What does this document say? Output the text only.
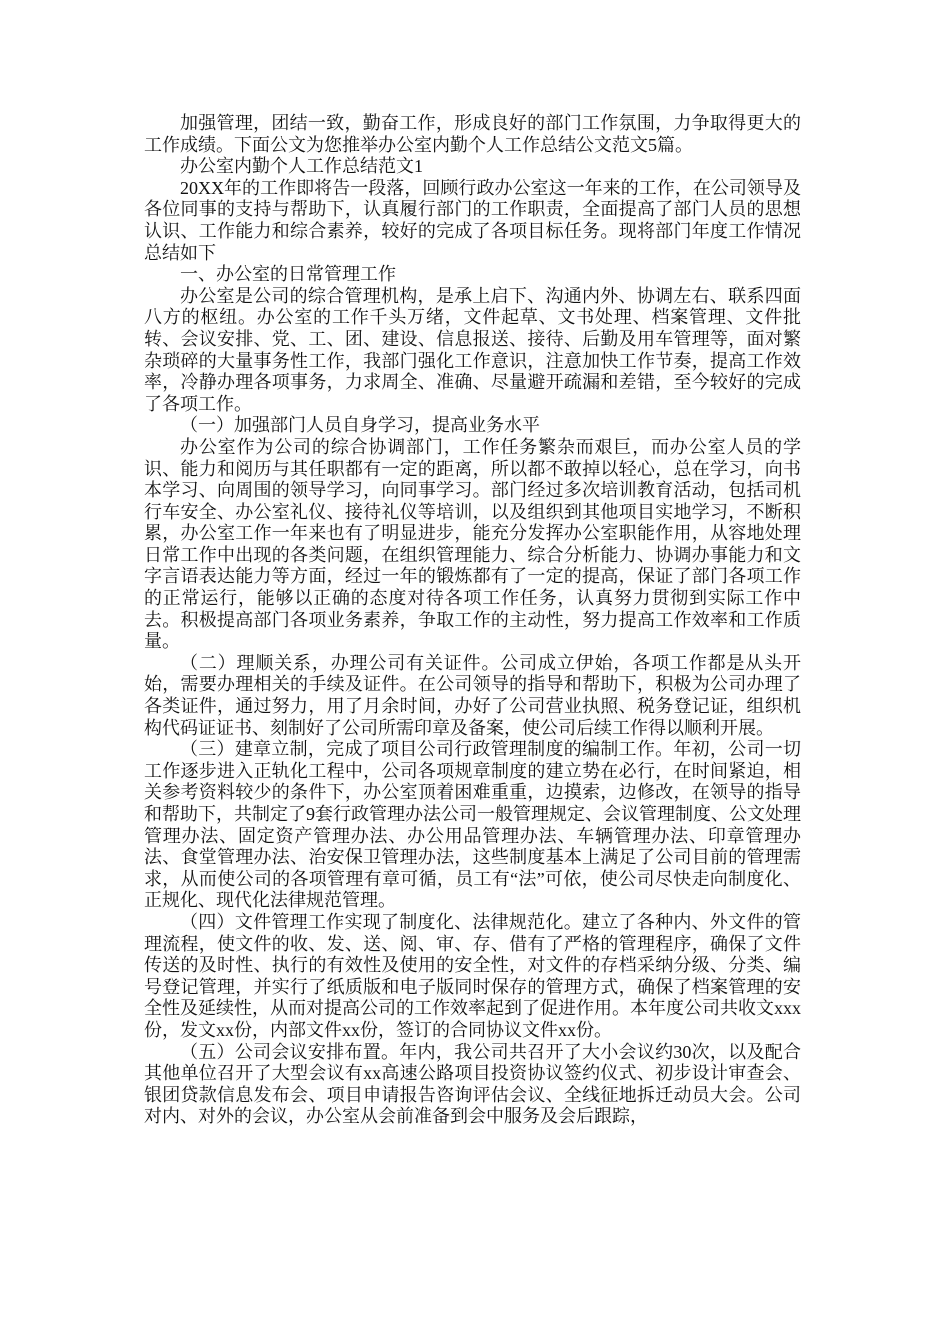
加强管理，团结一致，勤奋工作，形成良好的部门工作氛围，力争取得更大的工作成绩。下面公文为您推举办公室内勤个人工作总结公文范文5篇。

办公室内勤个人工作总结范文1

20XX年的工作即将告一段落，回顾行政办公室这一年来的工作，在公司领导及各位同事的支持与帮助下，认真履行部门的工作职责，全面提高了部门人员的思想认识、工作能力和综合素养，较好的完成了各项目标任务。现将部门年度工作情况总结如下

一、办公室的日常管理工作

办公室是公司的综合管理机构，是承上启下、沟通内外、协调左右、联系四面八方的枢纽。办公室的工作千头万绪，文件起草、文书处理、档案管理、文件批转、会议安排、党、工、团、建设、信息报送、接待、后勤及用车管理等，面对繁杂琐碎的大量事务性工作，我部门强化工作意识，注意加快工作节奏，提高工作效率，冷静办理各项事务，力求周全、准确、尽量避开疏漏和差错，至今较好的完成了各项工作。

（一）加强部门人员自身学习，提高业务水平

办公室作为公司的综合协调部门，工作任务繁杂而艰巨，而办公室人员的学识、能力和阅历与其任职都有一定的距离，所以都不敢掉以轻心，总在学习，向书本学习、向周围的领导学习，向同事学习。部门经过多次培训教育活动，包括司机行车安全、办公室礼仪、接待礼仪等培训，以及组织到其他项目实地学习，不断积累，办公室工作一年来也有了明显进步，能充分发挥办公室职能作用，从容地处理日常工作中出现的各类问题，在组织管理能力、综合分析能力、协调办事能力和文字言语表达能力等方面，经过一年的锻炼都有了一定的提高，保证了部门各项工作的正常运行，能够以正确的态度对待各项工作任务，认真努力贯彻到实际工作中去。积极提高部门各项业务素养，争取工作的主动性，努力提高工作效率和工作质量。

（二）理顺关系，办理公司有关证件。公司成立伊始，各项工作都是从头开始，需要办理相关的手续及证件。在公司领导的指导和帮助下，积极为公司办理了各类证件，通过努力，用了月余时间，办好了公司营业执照、税务登记证，组织机构代码证证书、刻制好了公司所需印章及备案，使公司后续工作得以顺利开展。

（三）建章立制，完成了项目公司行政管理制度的编制工作。年初，公司一切工作逐步进入正轨化工程中，公司各项规章制度的建立势在必行，在时间紧迫，相关参考资料较少的条件下，办公室顶着困难重重，边摸索，边修改，在领导的指导和帮助下，共制定了9套行政管理办法公司一般管理规定、会议管理制度、公文处理管理办法、固定资产管理办法、办公用品管理办法、车辆管理办法、印章管理办法、食堂管理办法、治安保卫管理办法，这些制度基本上满足了公司目前的管理需求，从而使公司的各项管理有章可循，员工有“法”可依，使公司尽快走向制度化、正规化、现代化法律规范管理。

（四）文件管理工作实现了制度化、法律规范化。建立了各种内、外文件的管理流程，使文件的收、发、送、阅、审、存、借有了严格的管理程序，确保了文件传送的及时性、执行的有效性及使用的安全性，对文件的存档采纳分级、分类、编号登记管理，并实行了纸质版和电子版同时保存的管理方式，确保了档案管理的安全性及延续性，从而对提高公司的工作效率起到了促进作用。本年度公司共收文xxx份，发文xx份，内部文件xx份，签订的合同协议文件xx份。

（五）公司会议安排布置。年内，我公司共召开了大小会议约30次，以及配合其他单位召开了大型会议有xx高速公路项目投资协议签约仪式、初步设计审查会、银团贷款信息发布会、项目申请报告咨询评估会议、全线征地拆迁动员大会。公司对内、对外的会议，办公室从会前准备到会中服务及会后跟踪，
